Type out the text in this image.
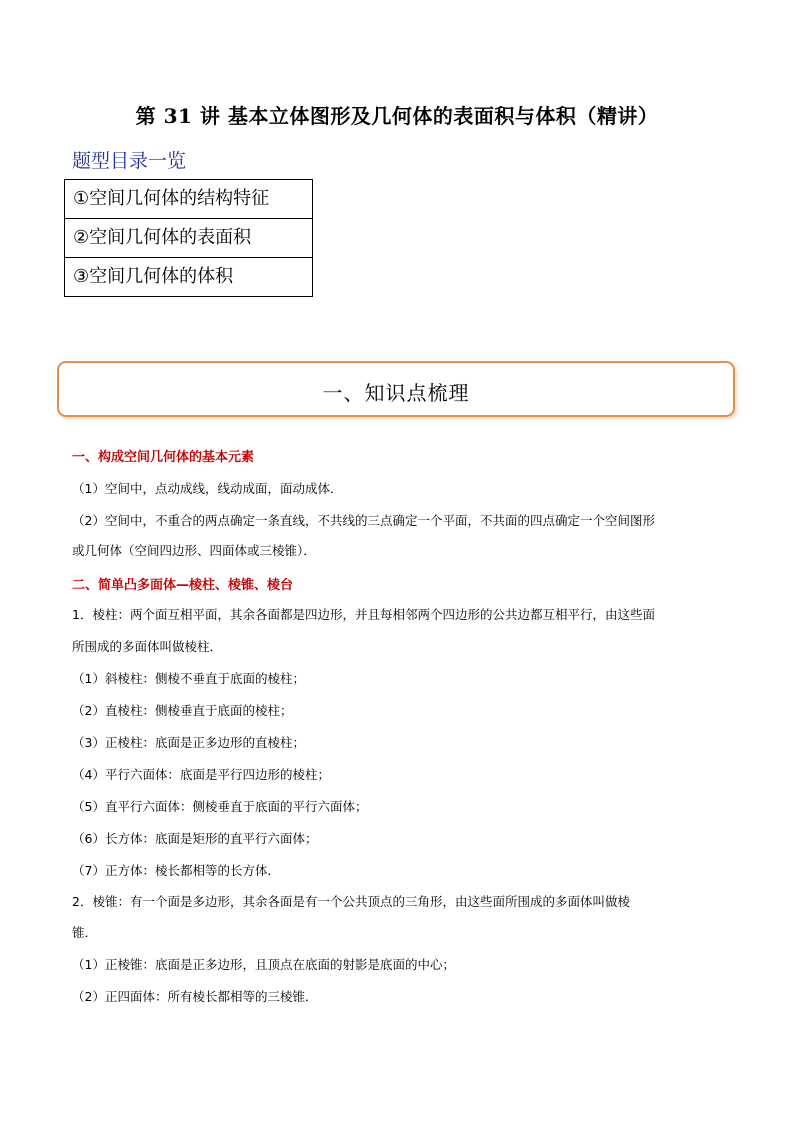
第 31 讲 基本立体图形及几何体的表面积与体积（精讲）
题型目录一览
①空间几何体的结构特征
②空间几何体的表面积
③空间几何体的体积
一、知识点梳理
一、构成空间几何体的基本元素
（1）空间中，点动成线，线动成面，面动成体．
（2）空间中，不重合的两点确定一条直线，不共线的三点确定一个平面，不共面的四点确定一个空间图形
或几何体（空间四边形、四面体或三棱锥）．
二、简单凸多面体—棱柱、棱锥、棱台
1．棱柱：两个面互相平面，其余各面都是四边形，并且每相邻两个四边形的公共边都互相平行，由这些面
所围成的多面体叫做棱柱．
（1）斜棱柱：侧棱不垂直于底面的棱柱；
（2）直棱柱：侧棱垂直于底面的棱柱；
（3）正棱柱：底面是正多边形的直棱柱；
（4）平行六面体：底面是平行四边形的棱柱；
（5）直平行六面体：侧棱垂直于底面的平行六面体；
（6）长方体：底面是矩形的直平行六面体；
（7）正方体：棱长都相等的长方体．
2．棱锥：有一个面是多边形，其余各面是有一个公共顶点的三角形，由这些面所围成的多面体叫做棱
锥．
（1）正棱锥：底面是正多边形，且顶点在底面的射影是底面的中心；
（2）正四面体：所有棱长都相等的三棱锥．
